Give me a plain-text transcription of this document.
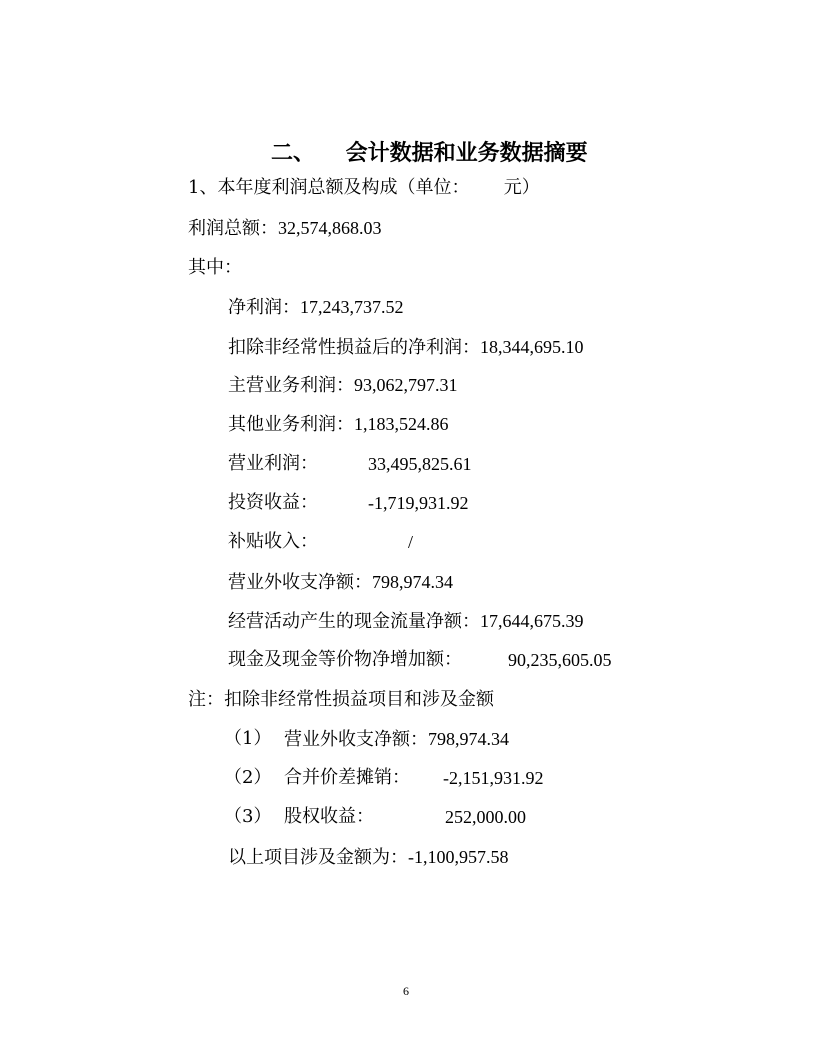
二、 会计数据和业务数据摘要
1、本年度利润总额及构成（单位： 元）
利润总额：32,574,868.03
其中：
净利润：17,243,737.52
扣除非经常性损益后的净利润：18,344,695.10
主营业务利润：93,062,797.31
其他业务利润：1,183,524.86
营业利润：	33,495,825.61
投资收益：	-1,719,931.92
补贴收入：	/
营业外收支净额：798,974.34
经营活动产生的现金流量净额：17,644,675.39
现金及现金等价物净增加额：	90,235,605.05
注：扣除非经常性损益项目和涉及金额
（1） 营业外收支净额：798,974.34
（2） 合并价差摊销： -2,151,931.92
（3） 股权收益：	252,000.00
以上项目涉及金额为：-1,100,957.58
6
